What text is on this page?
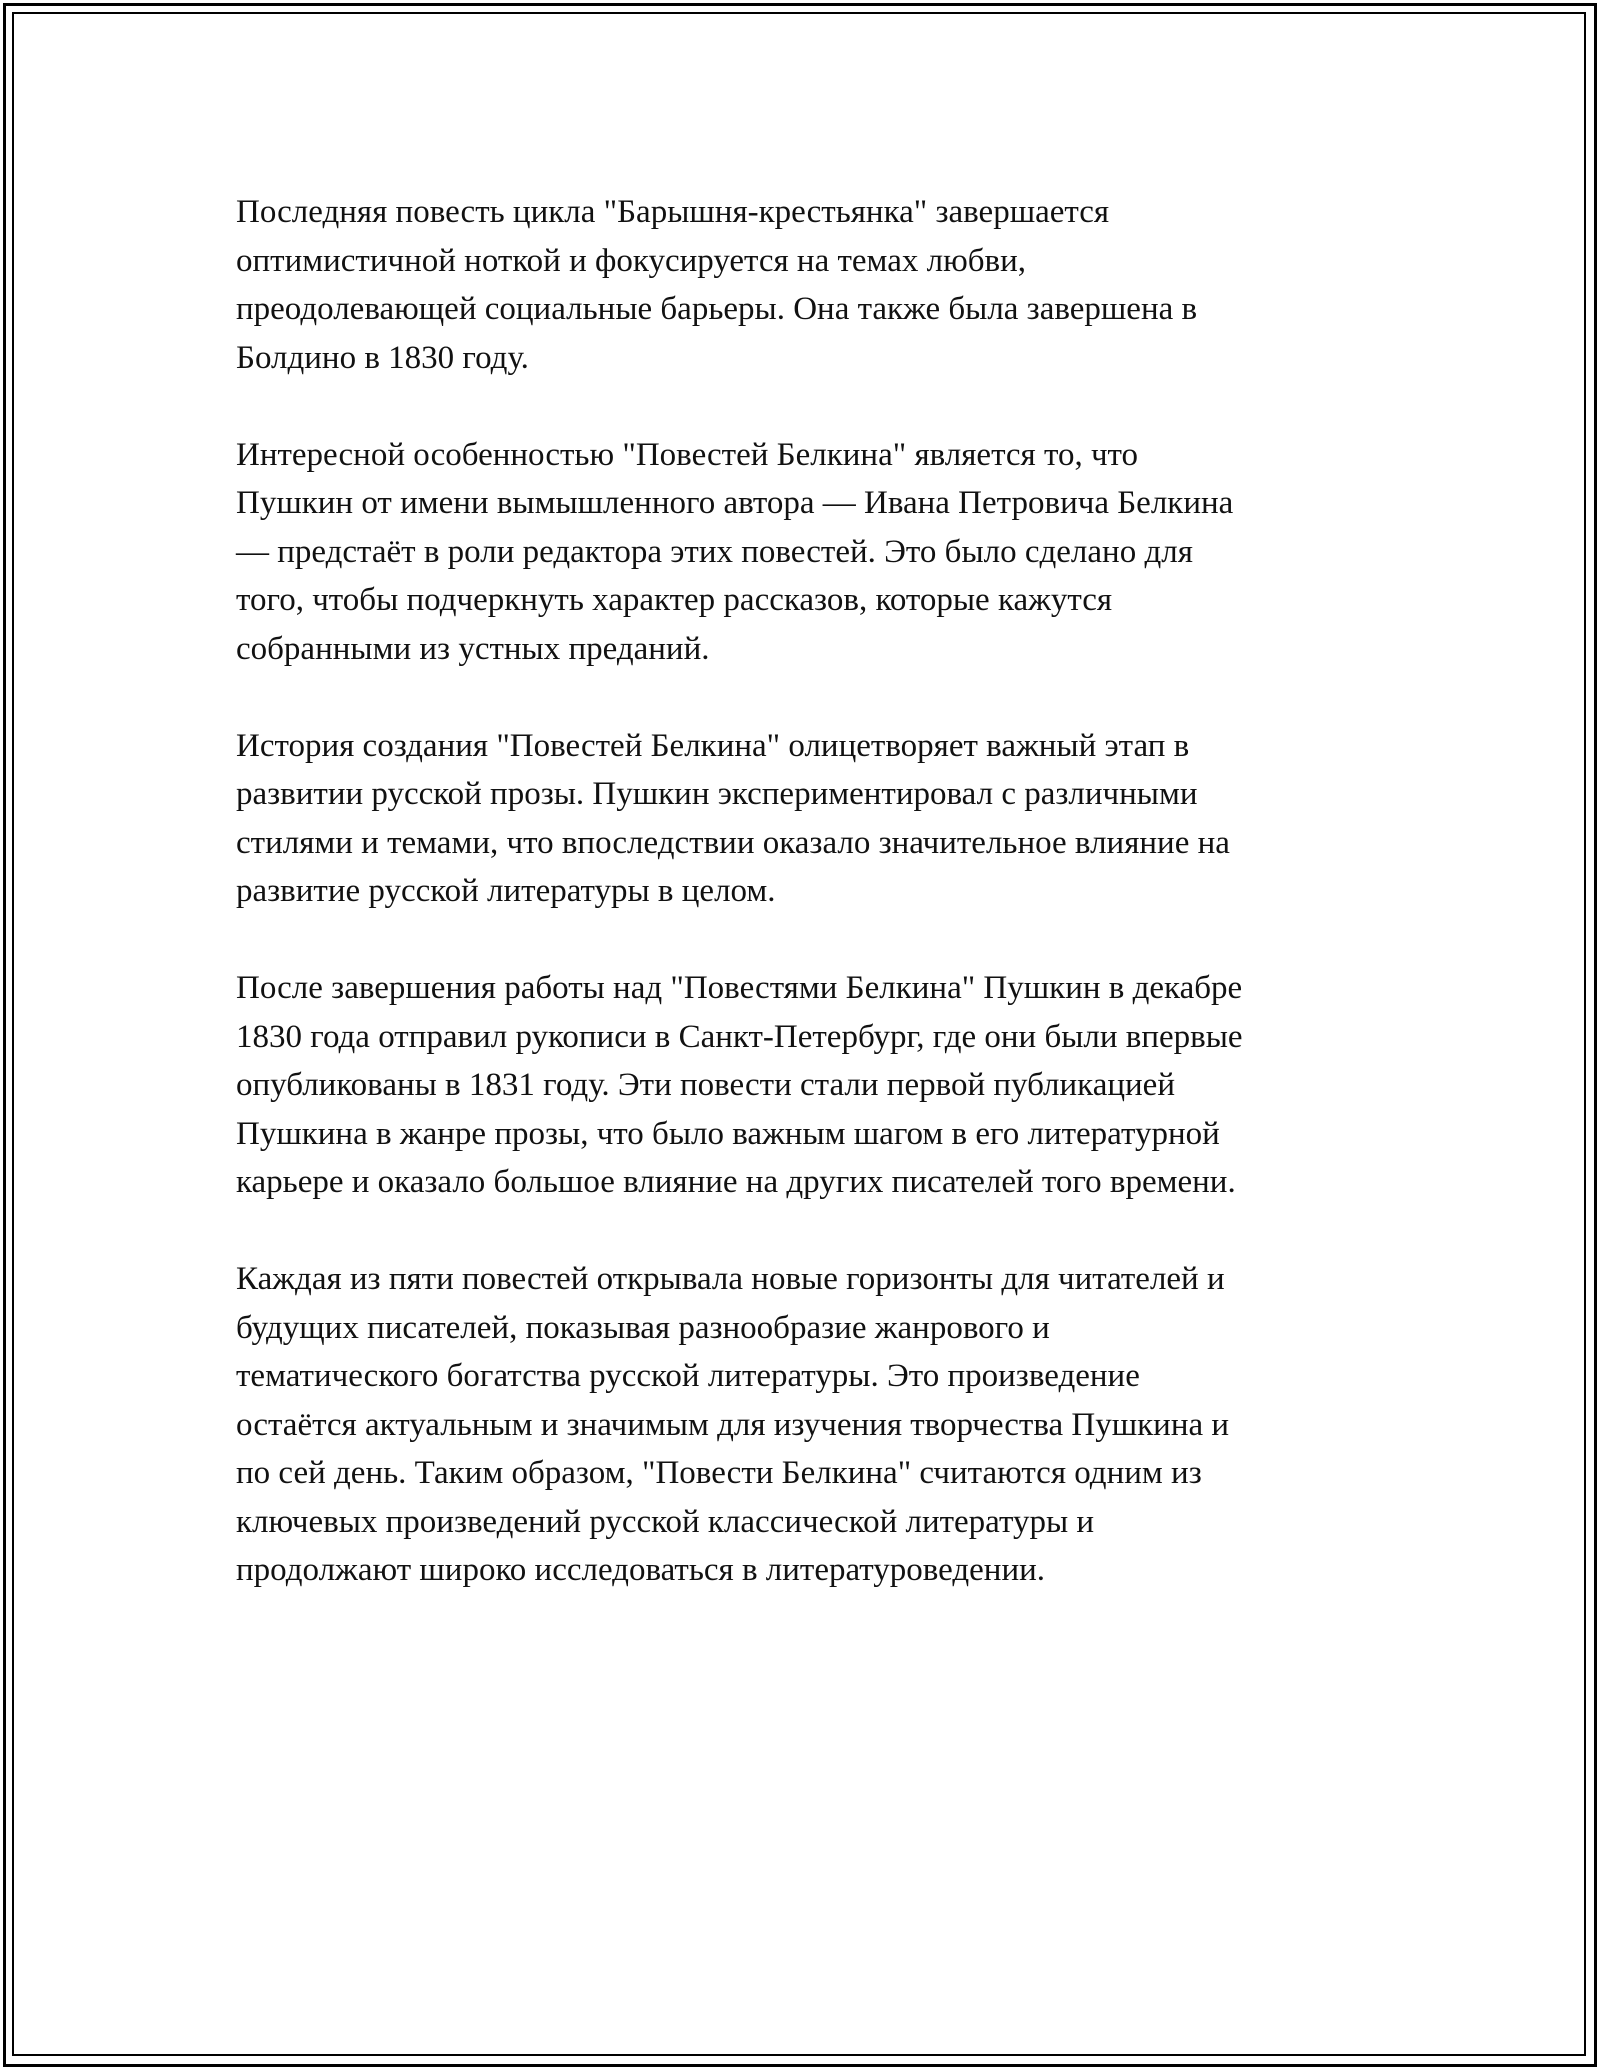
Последняя повесть цикла "Барышня-крестьянка" завершается
оптимистичной ноткой и фокусируется на темах любви,
преодолевающей социальные барьеры. Она также была завершена в
Болдино в 1830 году.

Интересной особенностью "Повестей Белкина" является то, что
Пушкин от имени вымышленного автора — Ивана Петровича Белкина
— предстаёт в роли редактора этих повестей. Это было сделано для
того, чтобы подчеркнуть характер рассказов, которые кажутся
собранными из устных преданий.

История создания "Повестей Белкина" олицетворяет важный этап в
развитии русской прозы. Пушкин экспериментировал с различными
стилями и темами, что впоследствии оказало значительное влияние на
развитие русской литературы в целом.

После завершения работы над "Повестями Белкина" Пушкин в декабре
1830 года отправил рукописи в Санкт-Петербург, где они были впервые
опубликованы в 1831 году. Эти повести стали первой публикацией
Пушкина в жанре прозы, что было важным шагом в его литературной
карьере и оказало большое влияние на других писателей того времени.

Каждая из пяти повестей открывала новые горизонты для читателей и
будущих писателей, показывая разнообразие жанрового и
тематического богатства русской литературы. Это произведение
остаётся актуальным и значимым для изучения творчества Пушкина и
по сей день. Таким образом, "Повести Белкина" считаются одним из
ключевых произведений русской классической литературы и
продолжают широко исследоваться в литературоведении.
